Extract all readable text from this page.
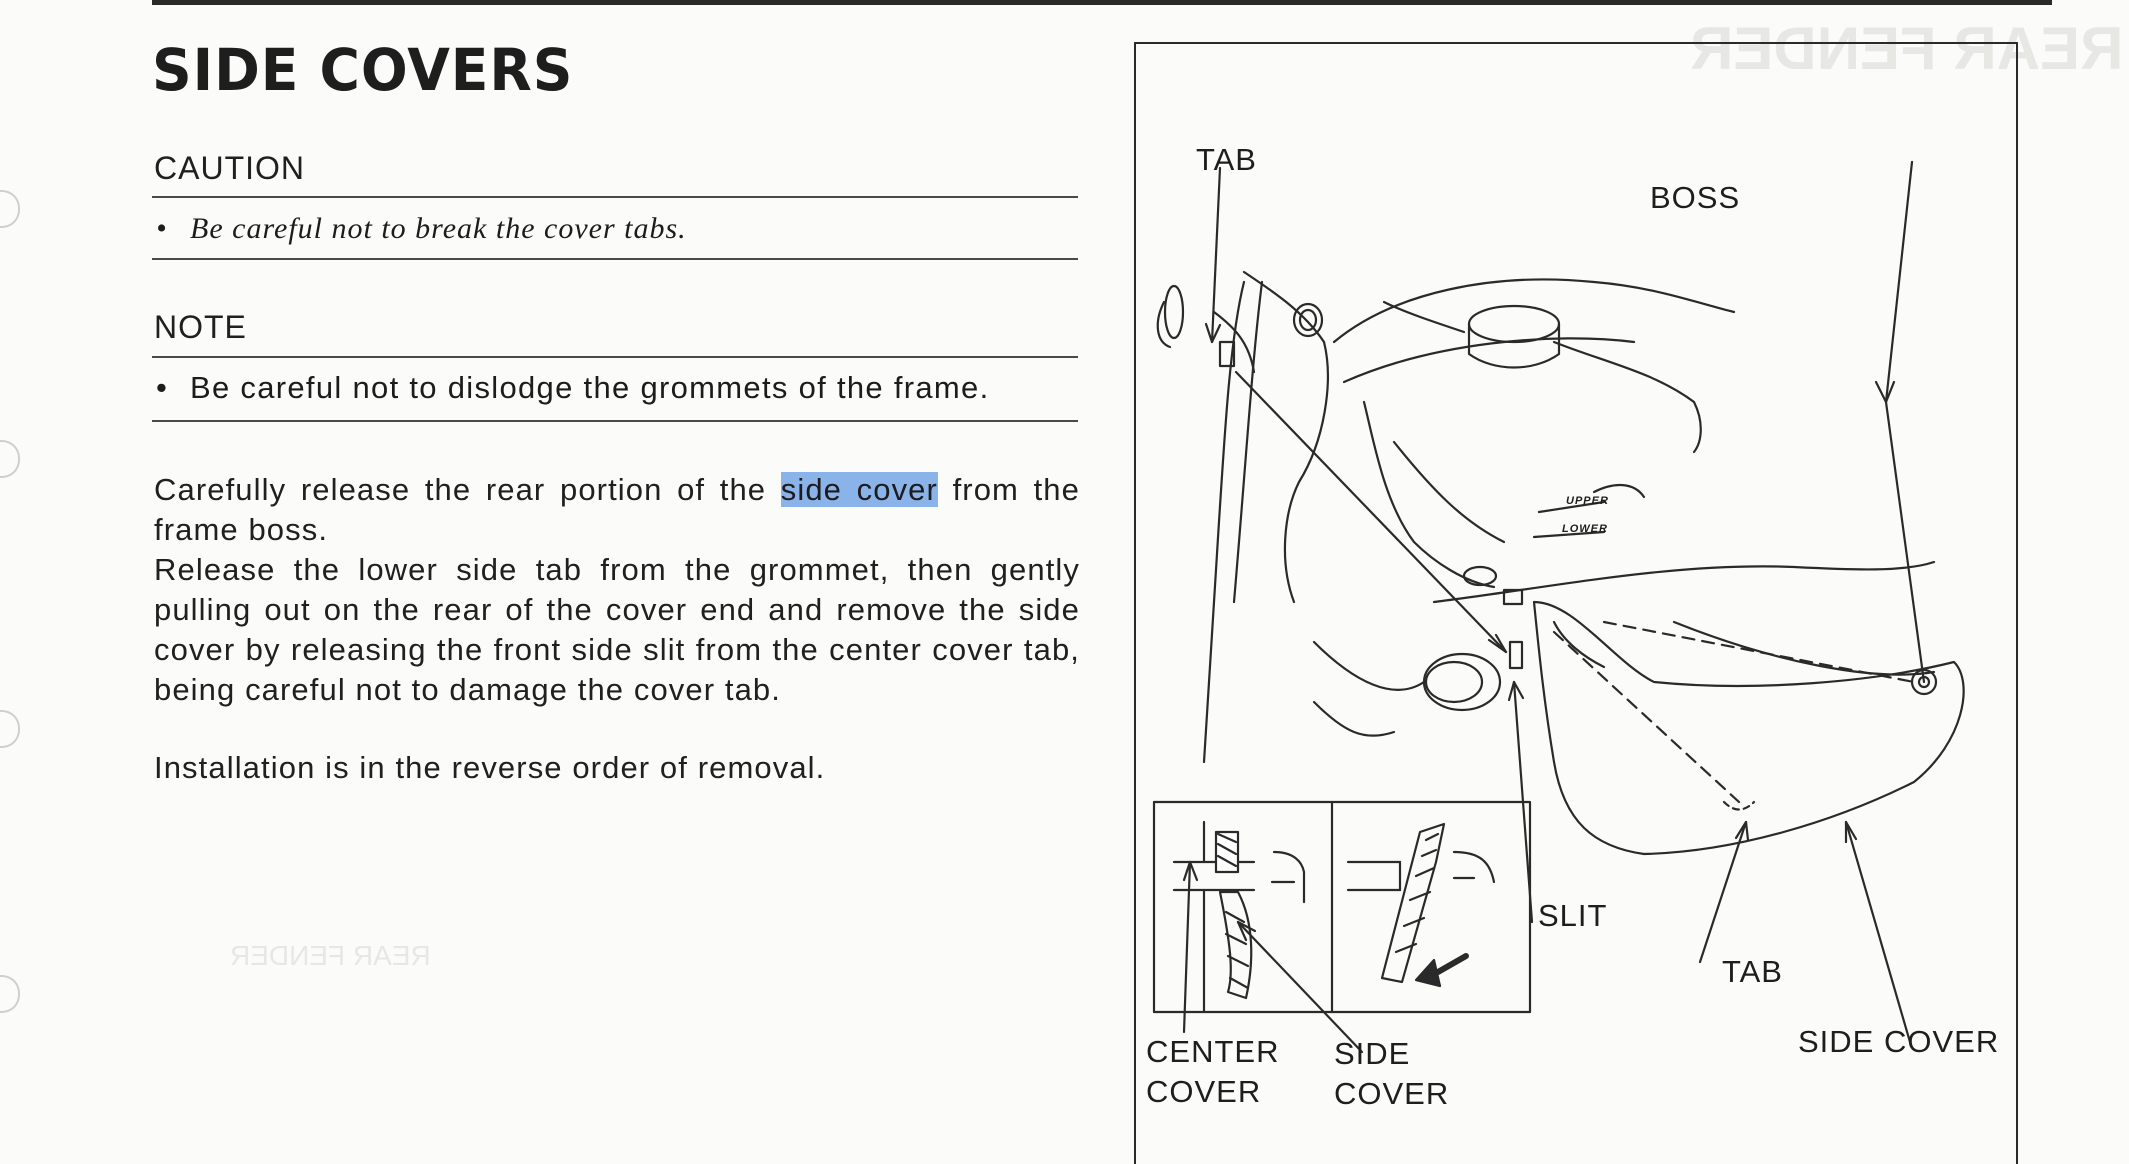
REAR FENDER
REAR FENDER
SIDE COVERS
CAUTION
• Be careful not to break the cover tabs.
NOTE
• Be careful not to dislodge the grommets of the frame.

Carefully release the rear portion of the side cover from the frame boss.

Release the lower side tab from the grommet, then gently pulling out on the rear of the cover end and remove the side cover by releasing the front side slit from the center cover tab, being careful not to damage the cover tab.

Installation is in the reverse order of removal.

TAB
BOSS
SLIT
TAB
SIDE COVER
CENTER
COVER
SIDE
COVER
UPPER
LOWER
